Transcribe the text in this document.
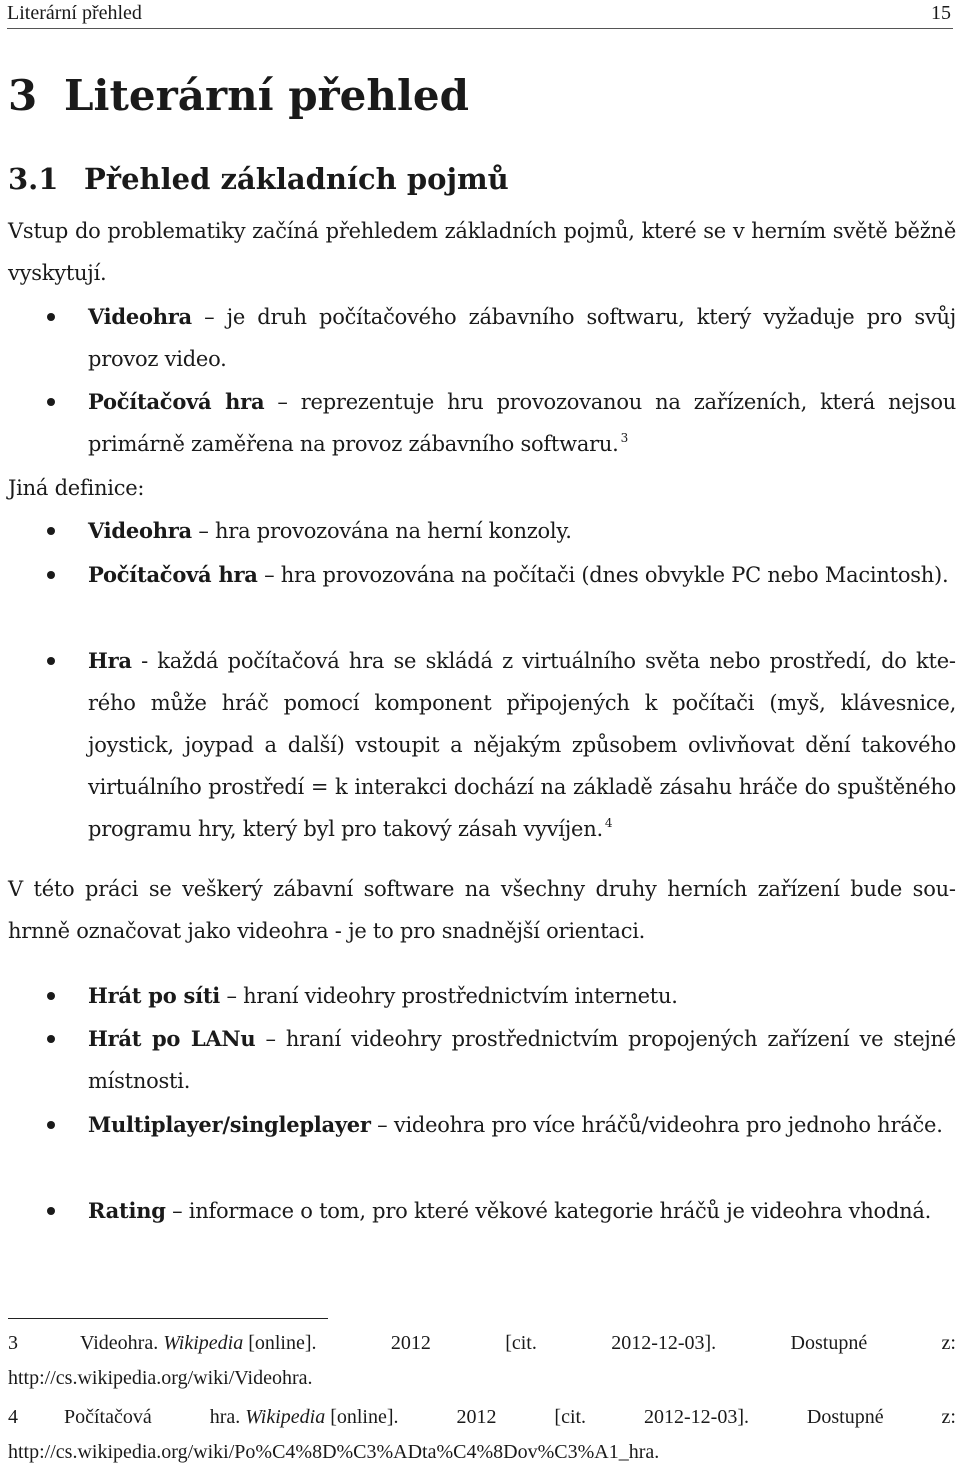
Literární přehled	15
3 Literární přehled
3.1 Přehled základních pojmů

Vstup do problematiky začíná přehledem základních pojmů, které se v herním světě běžně vyskytují.

Videohra – je druh počítačového zábavního softwaru, který vyžaduje pro svůj provoz video.

Počítačová hra – reprezentuje hru provozovanou na zařízeních, která nejsou primárně zaměřena na provoz zábavního softwaru. $^3$

Jiná definice:

Videohra – hra provozována na herní konzoly.

Počítačová hra – hra provozována na počítači (dnes obvykle PC nebo Macintosh).

Hra - každá počítačová hra se skládá z virtuálního světa nebo prostředí, do kterého může hráč pomocí komponent připojených k počítači (myš, klávesnice, joystick, joypad a další) vstoupit a nějakým způsobem ovlivňovat dění takového virtuálního prostředí = k interakci dochází na základě zásahu hráče do spuštěného programu hry, který byl pro takový zásah vyvíjen. $^4$

V této práci se veškerý zábavní software na všechny druhy herních zařízení bude souhrnně označovat jako videohra - je to pro snadnější orientaci.

Hrát po síti – hraní videohry prostřednictvím internetu.

Hrát po LANu – hraní videohry prostřednictvím propojených zařízení ve stejné místnosti.

Multiplayer/singleplayer – videohra pro více hráčů/videohra pro jednoho hráče.

Rating – informace o tom, pro které věkové kategorie hráčů je videohra vhodná.

3	Videohra. Wikipedia [online].	2012	[cit.	2012-12-03].	Dostupné	z:
http://cs.wikipedia.org/wiki/Videohra.
4 Počítačová	hra. Wikipedia [online].	2012	[cit.	2012-12-03].	Dostupné	z:
http://cs.wikipedia.org/wiki/Po%C4%8D%C3%ADta%C4%8Dov%C3%A1_hra.
